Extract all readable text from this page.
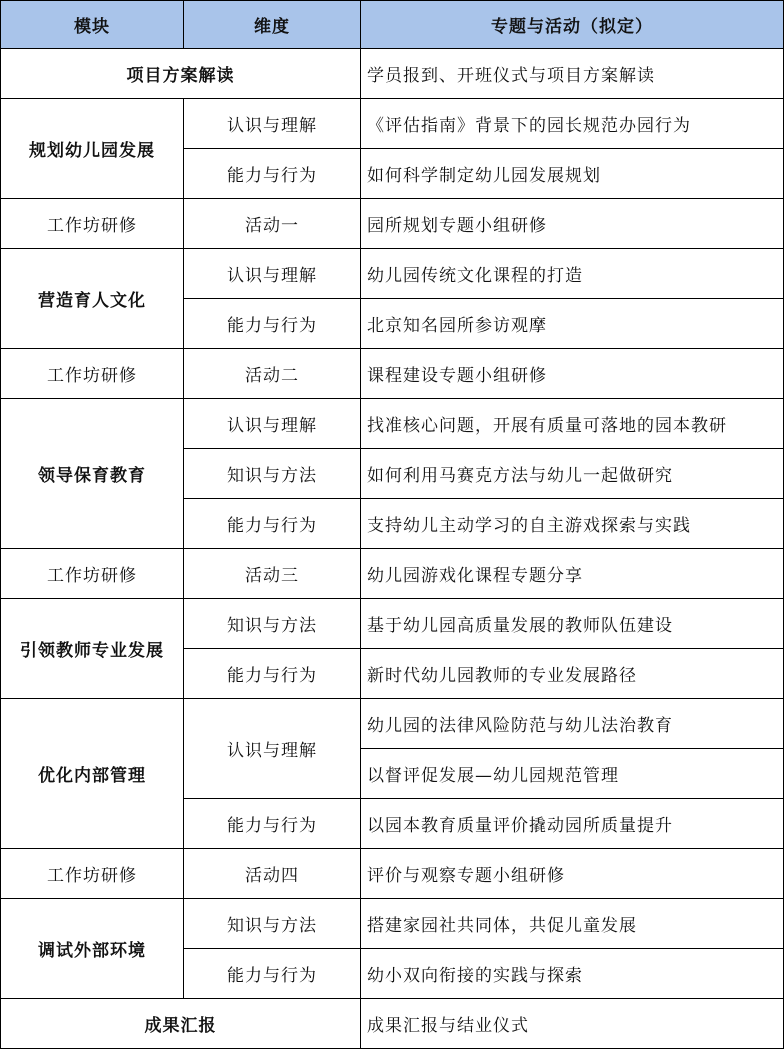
模块	维度	专题与活动（拟定）
项目方案解读		学员报到、开班仪式与项目方案解读
规划幼儿园发展	认识与理解	《评估指南》背景下的园长规范办园行为
	能力与行为	如何科学制定幼儿园发展规划
工作坊研修	活动一	园所规划专题小组研修
营造育人文化	认识与理解	幼儿园传统文化课程的打造
	能力与行为	北京知名园所参访观摩
工作坊研修	活动二	课程建设专题小组研修
领导保育教育	认识与理解	找准核心问题，开展有质量可落地的园本教研
	知识与方法	如何利用马赛克方法与幼儿一起做研究
	能力与行为	支持幼儿主动学习的自主游戏探索与实践
工作坊研修	活动三	幼儿园游戏化课程专题分享
引领教师专业发展	知识与方法	基于幼儿园高质量发展的教师队伍建设
	能力与行为	新时代幼儿园教师的专业发展路径
优化内部管理	认识与理解	幼儿园的法律风险防范与幼儿法治教育
		以督评促发展—幼儿园规范管理
	能力与行为	以园本教育质量评价撬动园所质量提升
工作坊研修	活动四	评价与观察专题小组研修
调试外部环境	知识与方法	搭建家园社共同体，共促儿童发展
	能力与行为	幼小双向衔接的实践与探索
成果汇报		成果汇报与结业仪式
